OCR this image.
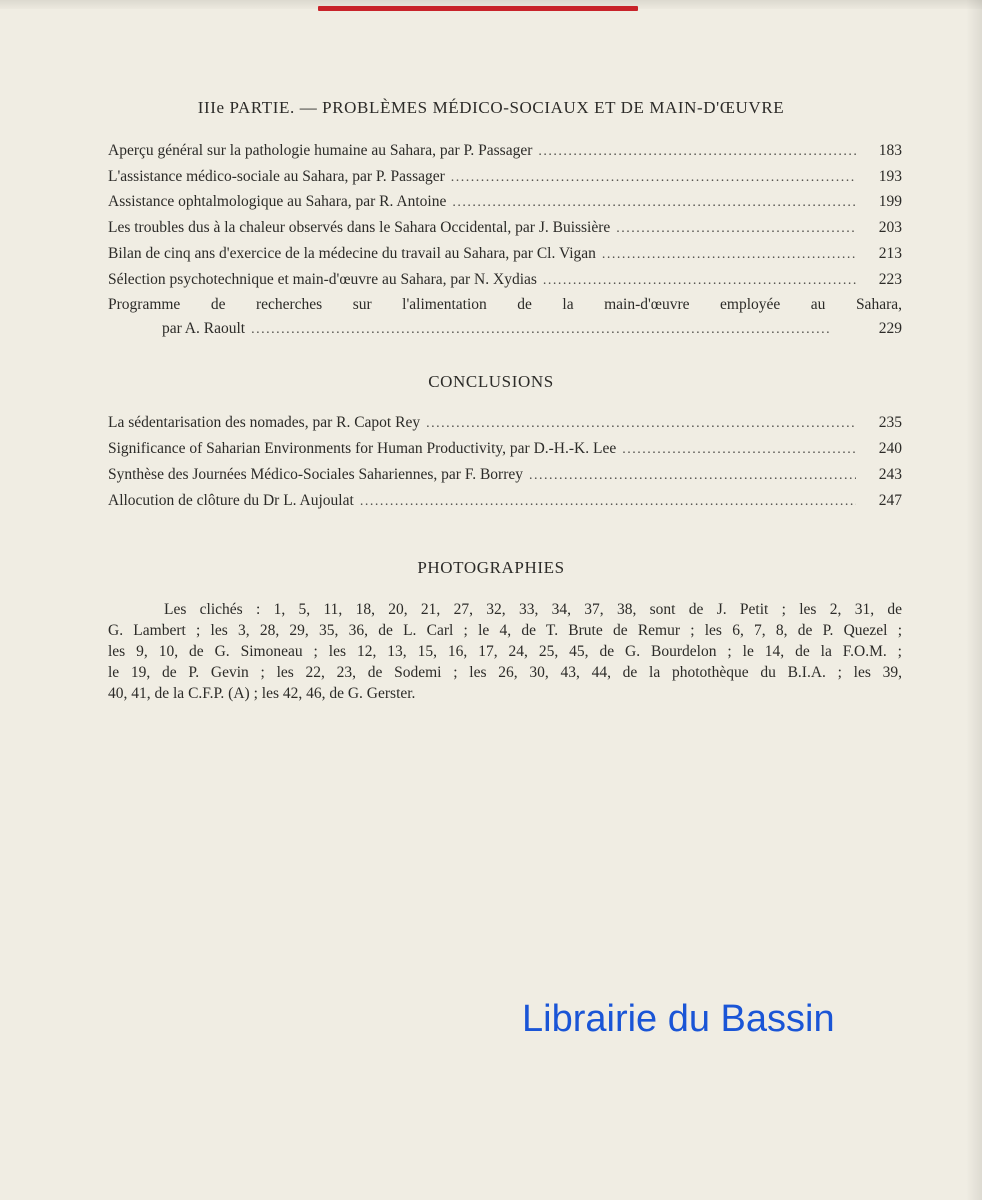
IIIe PARTIE. — PROBLÈMES MÉDICO-SOCIAUX ET DE MAIN-D'ŒUVRE
Aperçu général sur la pathologie humaine au Sahara, par P. Passager . . .	183
L'assistance médico-sociale au Sahara, par P. Passager . . .	193
Assistance ophtalmologique au Sahara, par R. Antoine . . .	199
Les troubles dus à la chaleur observés dans le Sahara Occidental, par J. Buissière . . .	203
Bilan de cinq ans d'exercice de la médecine du travail au Sahara, par Cl. Vigan . . .	213
Sélection psychotechnique et main-d'œuvre au Sahara, par N. Xydias . . .	223
Programme de recherches sur l'alimentation de la main-d'œuvre employée au Sahara,
par A. Raoult . . .	229
CONCLUSIONS
La sédentarisation des nomades, par R. Capot Rey . . .	235
Significance of Saharian Environments for Human Productivity, par D.-H.-K. Lee . . .	240
Synthèse des Journées Médico-Sociales Sahariennes, par F. Borrey . . .	243
Allocution de clôture du Dr L. Aujoulat . . .	247
PHOTOGRAPHIES
Les clichés : 1, 5, 11, 18, 20, 21, 27, 32, 33, 34, 37, 38, sont de J. Petit ; les 2, 31, de
G. Lambert ; les 3, 28, 29, 35, 36, de L. Carl ; le 4, de T. Brute de Remur ; les 6, 7, 8, de P. Quezel ;
les 9, 10, de G. Simoneau ; les 12, 13, 15, 16, 17, 24, 25, 45, de G. Bourdelon ; le 14, de la F.O.M. ;
le 19, de P. Gevin ; les 22, 23, de Sodemi ; les 26, 30, 43, 44, de la photothèque du B.I.A. ; les 39,
40, 41, de la C.F.P. (A) ; les 42, 46, de G. Gerster.
Librairie du Bassin
